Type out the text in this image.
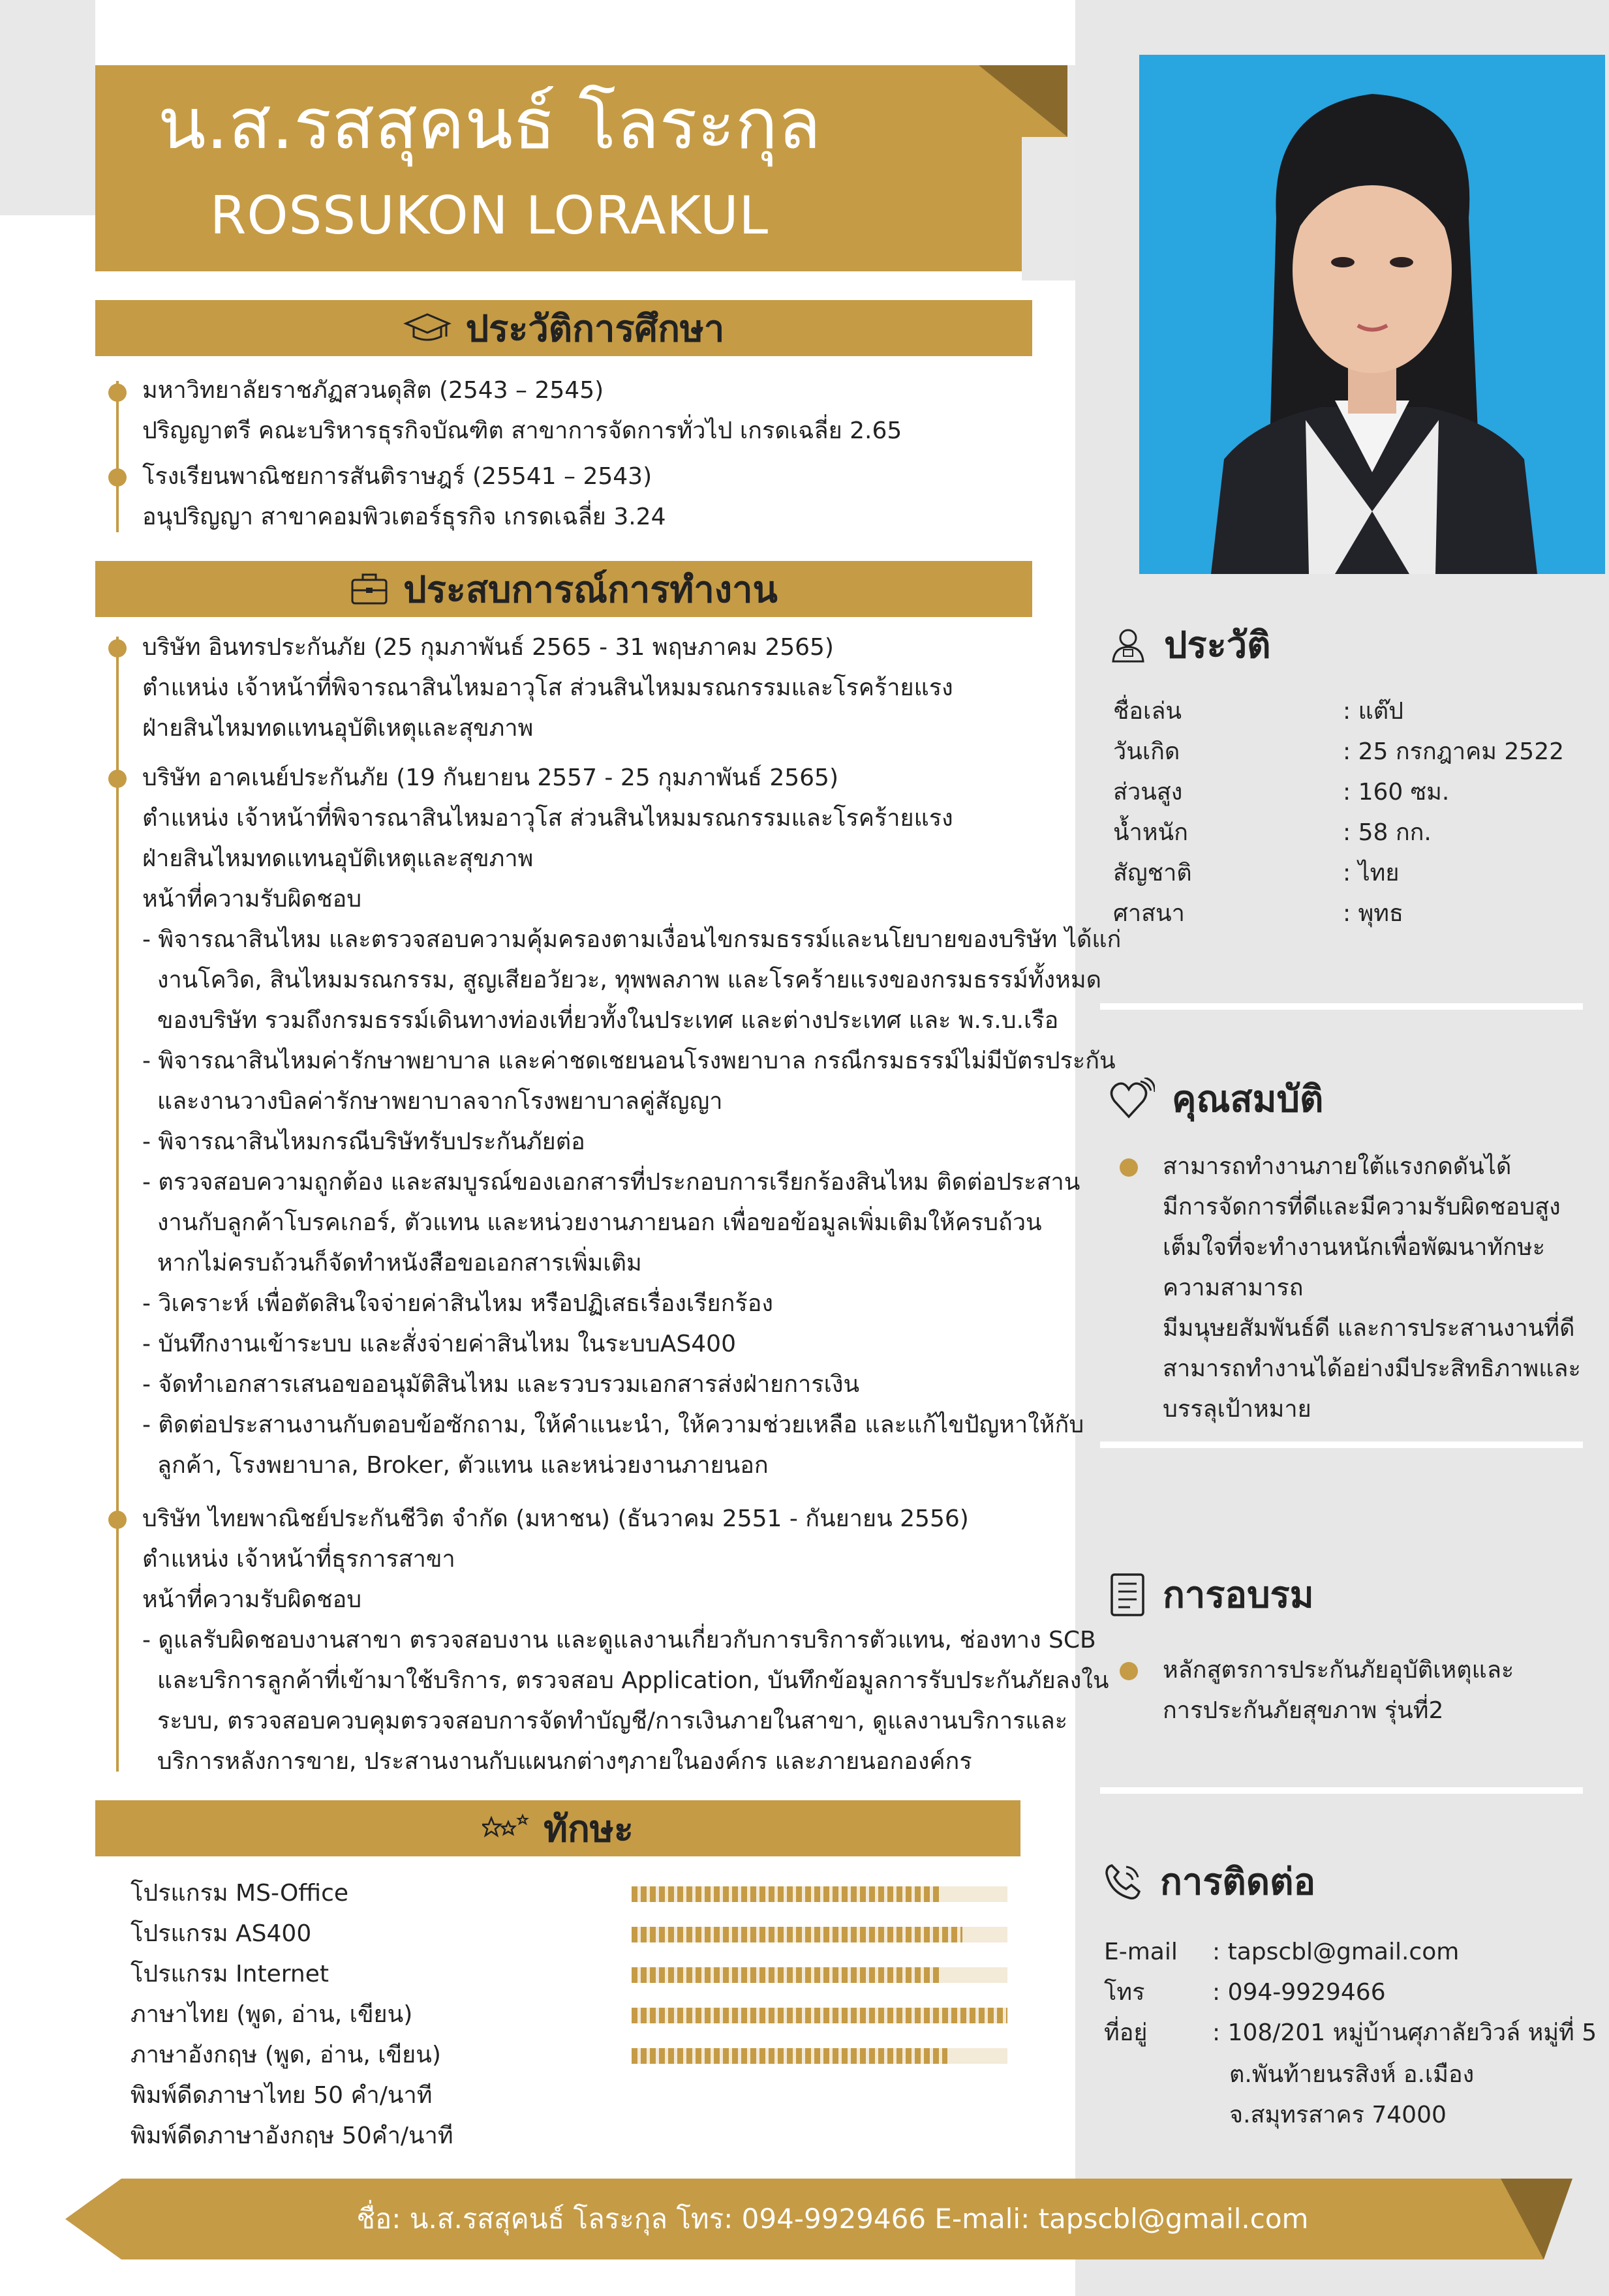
น.ส.รสสุคนธ์ โลระกุล
ROSSUKON LORAKUL
ประวัติการศึกษา
มหาวิทยาลัยราชภัฏสวนดุสิต (2543 – 2545)
ปริญญาตรี คณะบริหารธุรกิจบัณฑิต สาขาการจัดการทั่วไป เกรดเฉลี่ย 2.65
โรงเรียนพาณิชยการสันติราษฎร์ (25541 – 2543)
อนุปริญญา สาขาคอมพิวเตอร์ธุรกิจ เกรดเฉลี่ย 3.24
ประสบการณ์การทำงาน
บริษัท อินทรประกันภัย (25 กุมภาพันธ์ 2565 - 31 พฤษภาคม 2565)
ตำแหน่ง เจ้าหน้าที่พิจารณาสินไหมอาวุโส ส่วนสินไหมมรณกรรมและโรคร้ายแรง
ฝ่ายสินไหมทดแทนอุบัติเหตุและสุขภาพ
บริษัท อาคเนย์ประกันภัย (19 กันยายน 2557 - 25 กุมภาพันธ์ 2565)
ตำแหน่ง เจ้าหน้าที่พิจารณาสินไหมอาวุโส ส่วนสินไหมมรณกรรมและโรคร้ายแรง
ฝ่ายสินไหมทดแทนอุบัติเหตุและสุขภาพ
หน้าที่ความรับผิดชอบ
- พิจารณาสินไหม และตรวจสอบความคุ้มครองตามเงื่อนไขกรมธรรม์และนโยบายของบริษัท ได้แก่
งานโควิด, สินไหมมรณกรรม, สูญเสียอวัยวะ, ทุพพลภาพ และโรคร้ายแรงของกรมธรรม์ทั้งหมด
ของบริษัท รวมถึงกรมธรรม์เดินทางท่องเที่ยวทั้งในประเทศ และต่างประเทศ และ พ.ร.บ.เรือ
- พิจารณาสินไหมค่ารักษาพยาบาล และค่าชดเชยนอนโรงพยาบาล กรณีกรมธรรม์ไม่มีบัตรประกัน
และงานวางบิลค่ารักษาพยาบาลจากโรงพยาบาลคู่สัญญา
- พิจารณาสินไหมกรณีบริษัทรับประกันภัยต่อ
- ตรวจสอบความถูกต้อง และสมบูรณ์ของเอกสารที่ประกอบการเรียกร้องสินไหม ติดต่อประสาน
งานกับลูกค้าโบรคเกอร์, ตัวแทน และหน่วยงานภายนอก เพื่อขอข้อมูลเพิ่มเติมให้ครบถ้วน
หากไม่ครบถ้วนก็จัดทำหนังสือขอเอกสารเพิ่มเติม
- วิเคราะห์ เพื่อตัดสินใจจ่ายค่าสินไหม หรือปฏิเสธเรื่องเรียกร้อง
- บันทึกงานเข้าระบบ และสั่งจ่ายค่าสินไหม ในระบบAS400
- จัดทำเอกสารเสนอขออนุมัติสินไหม และรวบรวมเอกสารส่งฝ่ายการเงิน
- ติดต่อประสานงานกับตอบข้อซักถาม, ให้คำแนะนำ, ให้ความช่วยเหลือ และแก้ไขปัญหาให้กับ
ลูกค้า, โรงพยาบาล, Broker, ตัวแทน และหน่วยงานภายนอก
บริษัท ไทยพาณิชย์ประกันชีวิต จำกัด (มหาชน) (ธันวาคม 2551 - กันยายน 2556)
ตำแหน่ง เจ้าหน้าที่ธุรการสาขา
หน้าที่ความรับผิดชอบ
- ดูแลรับผิดชอบงานสาขา ตรวจสอบงาน และดูแลงานเกี่ยวกับการบริการตัวแทน, ช่องทาง SCB
และบริการลูกค้าที่เข้ามาใช้บริการ, ตรวจสอบ Application, บันทึกข้อมูลการรับประกันภัยลงใน
ระบบ, ตรวจสอบควบคุมตรวจสอบการจัดทำบัญชี/การเงินภายในสาขา, ดูแลงานบริการและ
บริการหลังการขาย, ประสานงานกับแผนกต่างๆภายในองค์กร และภายนอกองค์กร
ทักษะ
โปรแกรม MS-Office
โปรแกรม AS400
โปรแกรม Internet
ภาษาไทย (พูด, อ่าน, เขียน)
ภาษาอังกฤษ (พูด, อ่าน, เขียน)
พิมพ์ดีดภาษาไทย 50 คำ/นาที
พิมพ์ดีดภาษาอังกฤษ 50คำ/นาที
ประวัติ
ชื่อเล่น	: แต๊ป
วันเกิด	: 25 กรกฎาคม 2522
ส่วนสูง	: 160 ซม.
น้ำหนัก	: 58 กก.
สัญชาติ	: ไทย
ศาสนา	: พุทธ
คุณสมบัติ
สามารถทำงานภายใต้แรงกดดันได้
มีการจัดการที่ดีและมีความรับผิดชอบสูง
เต็มใจที่จะทำงานหนักเพื่อพัฒนาทักษะ
ความสามารถ
มีมนุษยสัมพันธ์ดี และการประสานงานที่ดี
สามารถทำงานได้อย่างมีประสิทธิภาพและ
บรรลุเป้าหมาย
การอบรม
หลักสูตรการประกันภัยอุบัติเหตุและ
การประกันภัยสุขภาพ รุ่นที่2
การติดต่อ
E-mail : tapscbl@gmail.com
โทร	: 094-9929466
ที่อยู่	: 108/201 หมู่บ้านศุภาลัยวิวล์ หมู่ที่ 5
ต.พันท้ายนรสิงห์ อ.เมือง
จ.สมุทรสาคร 74000
ชื่อ: น.ส.รสสุคนธ์ โลระกุล โทร: 094-9929466 E-mali: tapscbl@gmail.com
